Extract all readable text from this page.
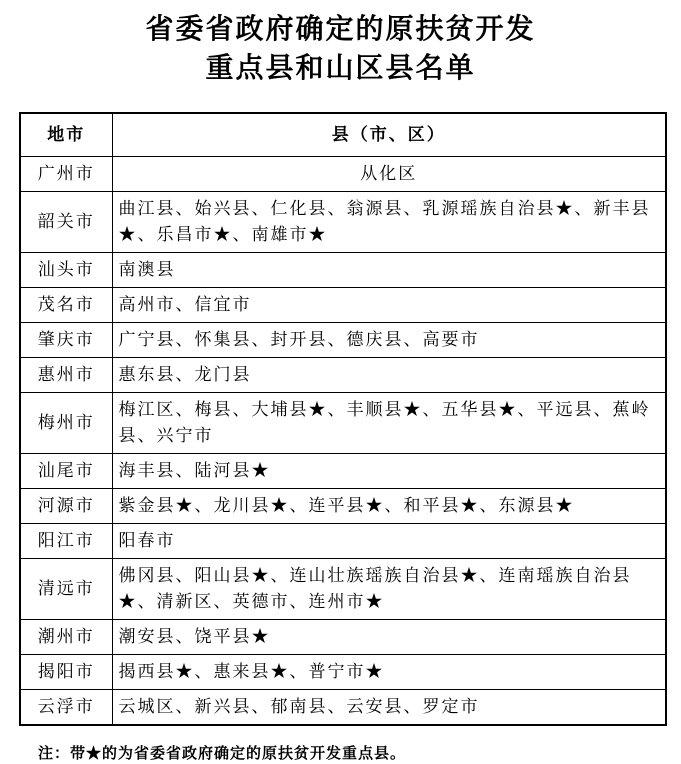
省委省政府确定的原扶贫开发
重点县和山区县名单
地市	县（市、区）
广州市	从化区
韶关市	曲江县、始兴县、仁化县、翁源县、乳源瑶族自治县★、新丰县★、乐昌市★、南雄市★
汕头市	南澳县
茂名市	高州市、信宜市
肇庆市	广宁县、怀集县、封开县、德庆县、高要市
惠州市	惠东县、龙门县
梅州市	梅江区、梅县、大埔县★、丰顺县★、五华县★、平远县、蕉岭县、兴宁市
汕尾市	海丰县、陆河县★
河源市	紫金县★、龙川县★、连平县★、和平县★、东源县★
阳江市	阳春市
清远市	佛冈县、阳山县★、连山壮族瑶族自治县★、连南瑶族自治县★、清新区、英德市、连州市★
潮州市	潮安县、饶平县★
揭阳市	揭西县★、惠来县★、普宁市★
云浮市	云城区、新兴县、郁南县、云安县、罗定市

注：带★的为省委省政府确定的原扶贫开发重点县。
